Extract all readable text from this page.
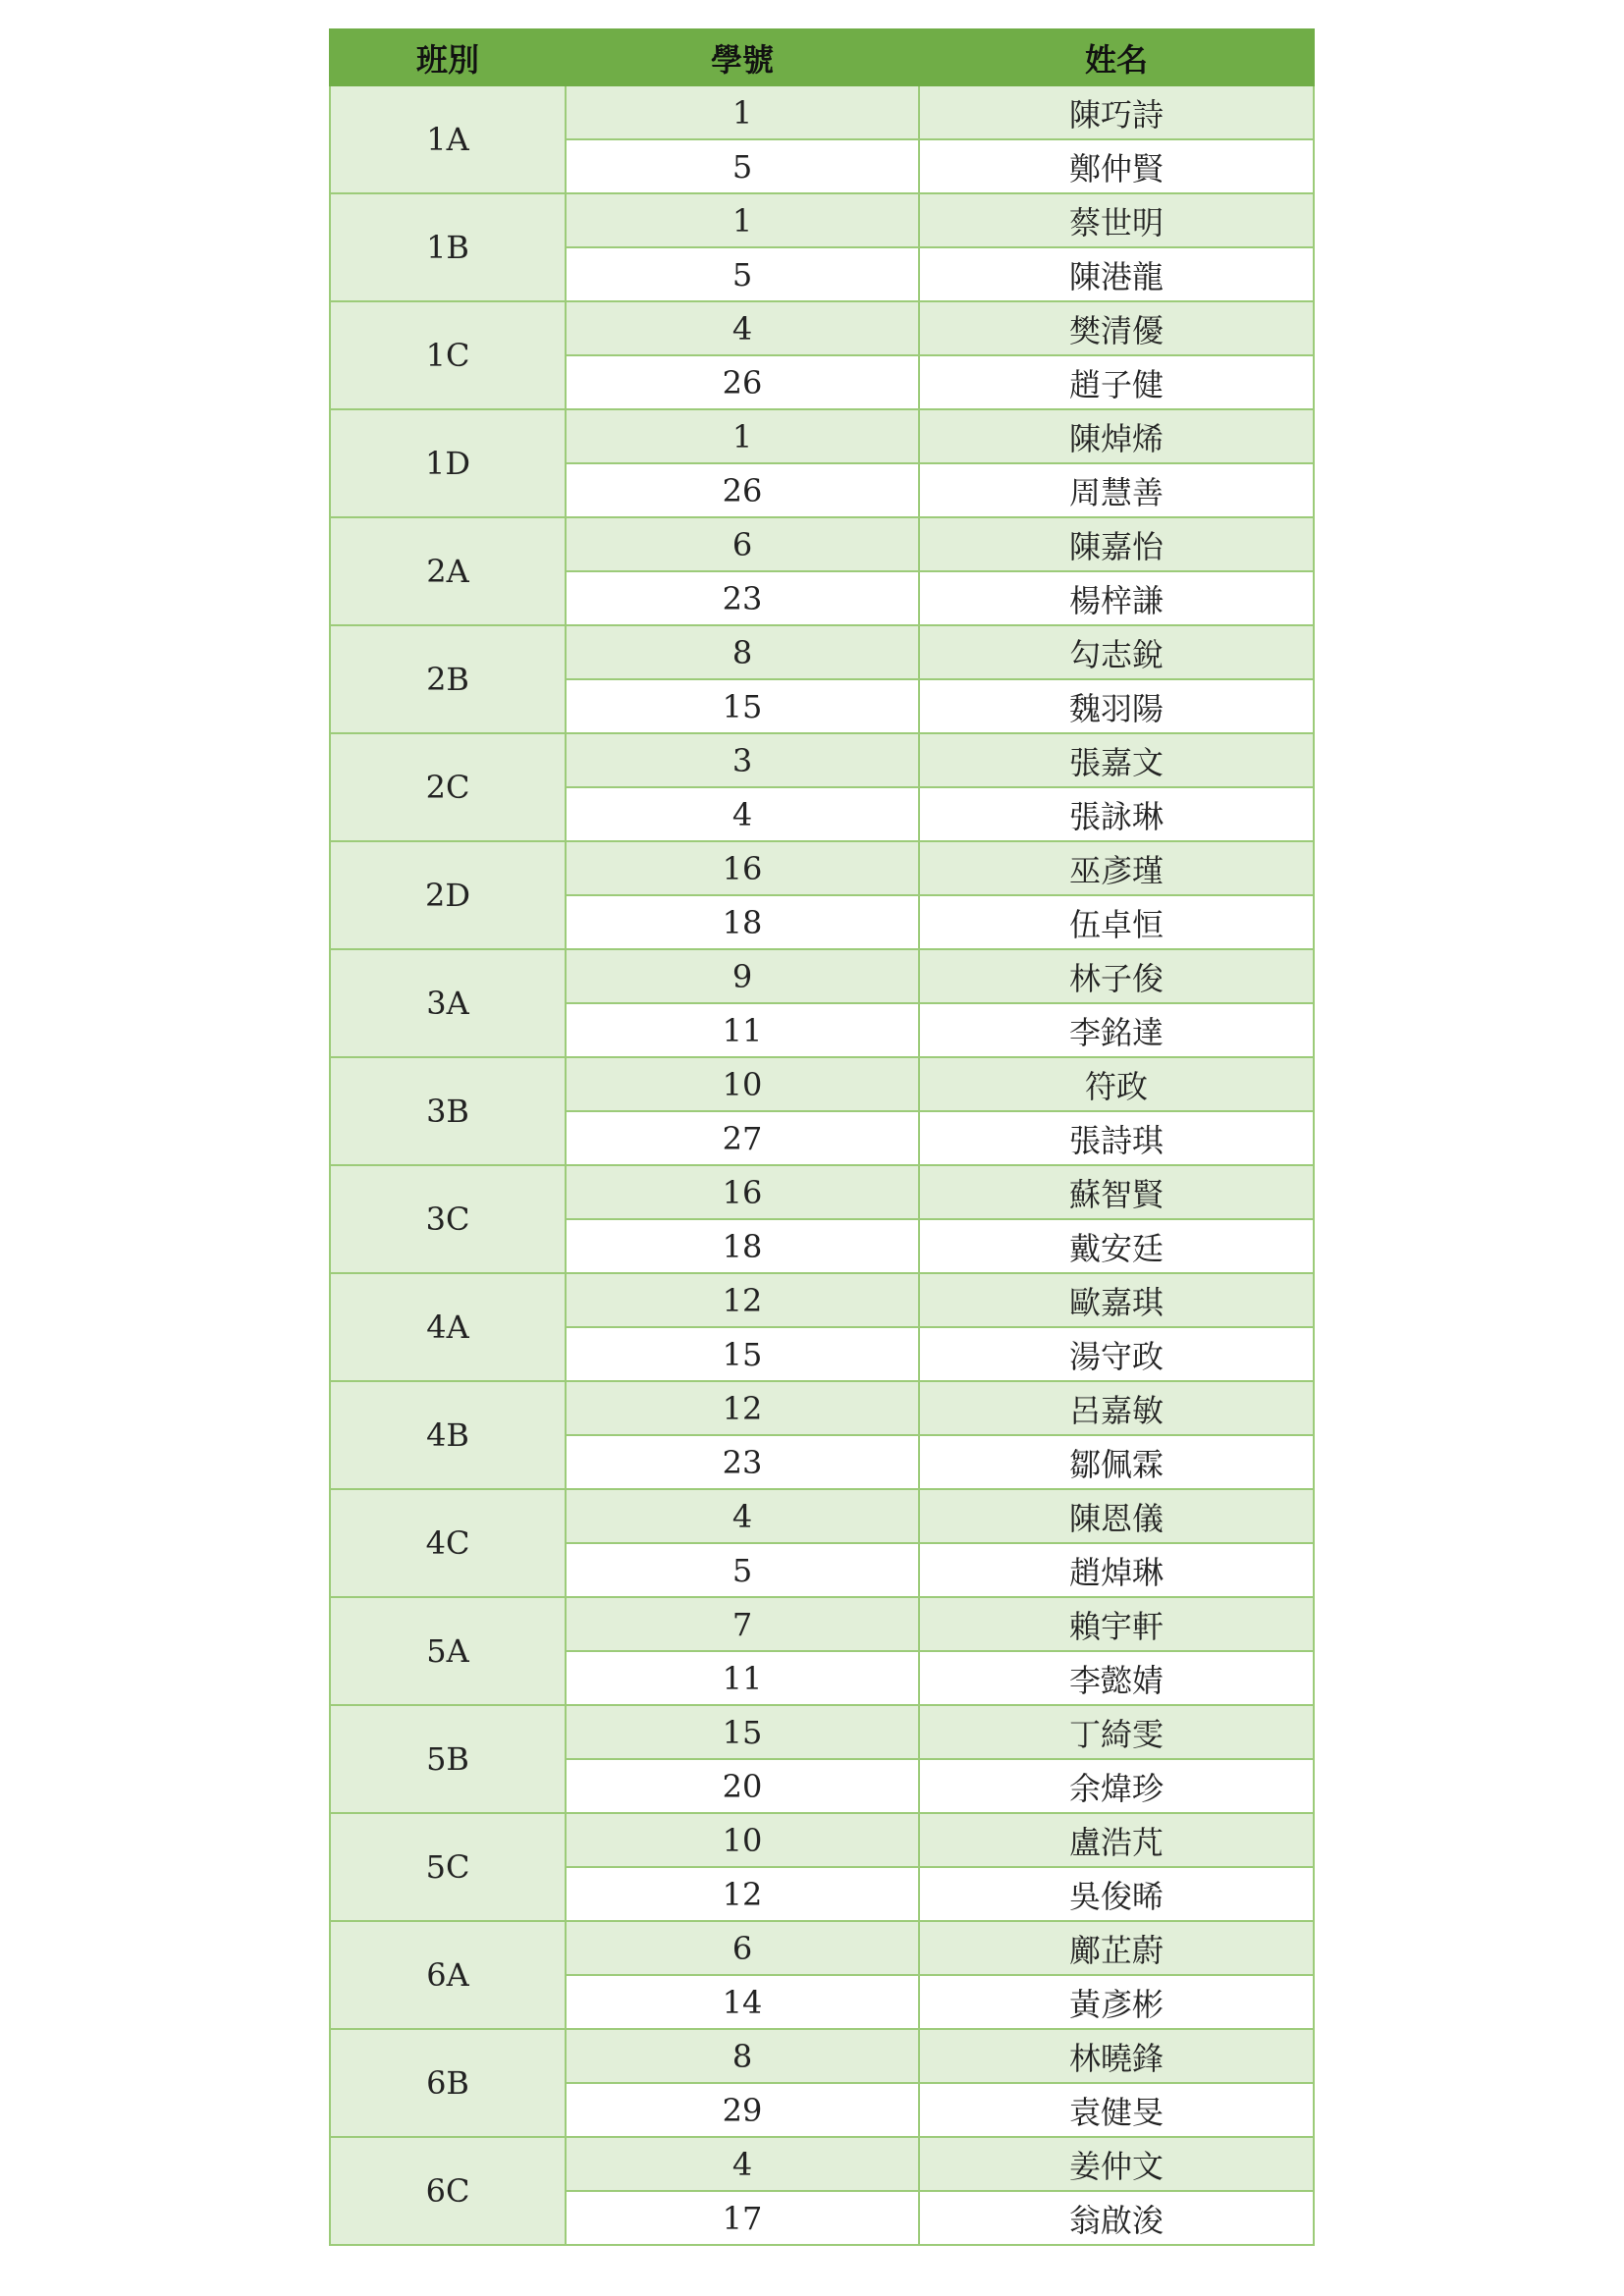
班別	學號	姓名
1A	1	陳巧詩
	5	鄭仲賢
1B	1	蔡世明
	5	陳港龍
1C	4	樊清優
	26	趙子健
1D	1	陳焯烯
	26	周慧善
2A	6	陳嘉怡
	23	楊梓謙
2B	8	勾志銳
	15	魏羽陽
2C	3	張嘉文
	4	張詠琳
2D	16	巫彥瑾
	18	伍卓恒
3A	9	林子俊
	11	李銘達
3B	10	符政
	27	張詩琪
3C	16	蘇智賢
	18	戴安廷
4A	12	歐嘉琪
	15	湯守政
4B	12	呂嘉敏
	23	鄒佩霖
4C	4	陳恩儀
	5	趙焯琳
5A	7	賴宇軒
	11	李懿婧
5B	15	丁綺雯
	20	余煒珍
5C	10	盧浩芃
	12	吳俊晞
6A	6	鄺芷蔚
	14	黃彥彬
6B	8	林曉鋒
	29	袁健旻
6C	4	姜仲文
	17	翁啟浚
